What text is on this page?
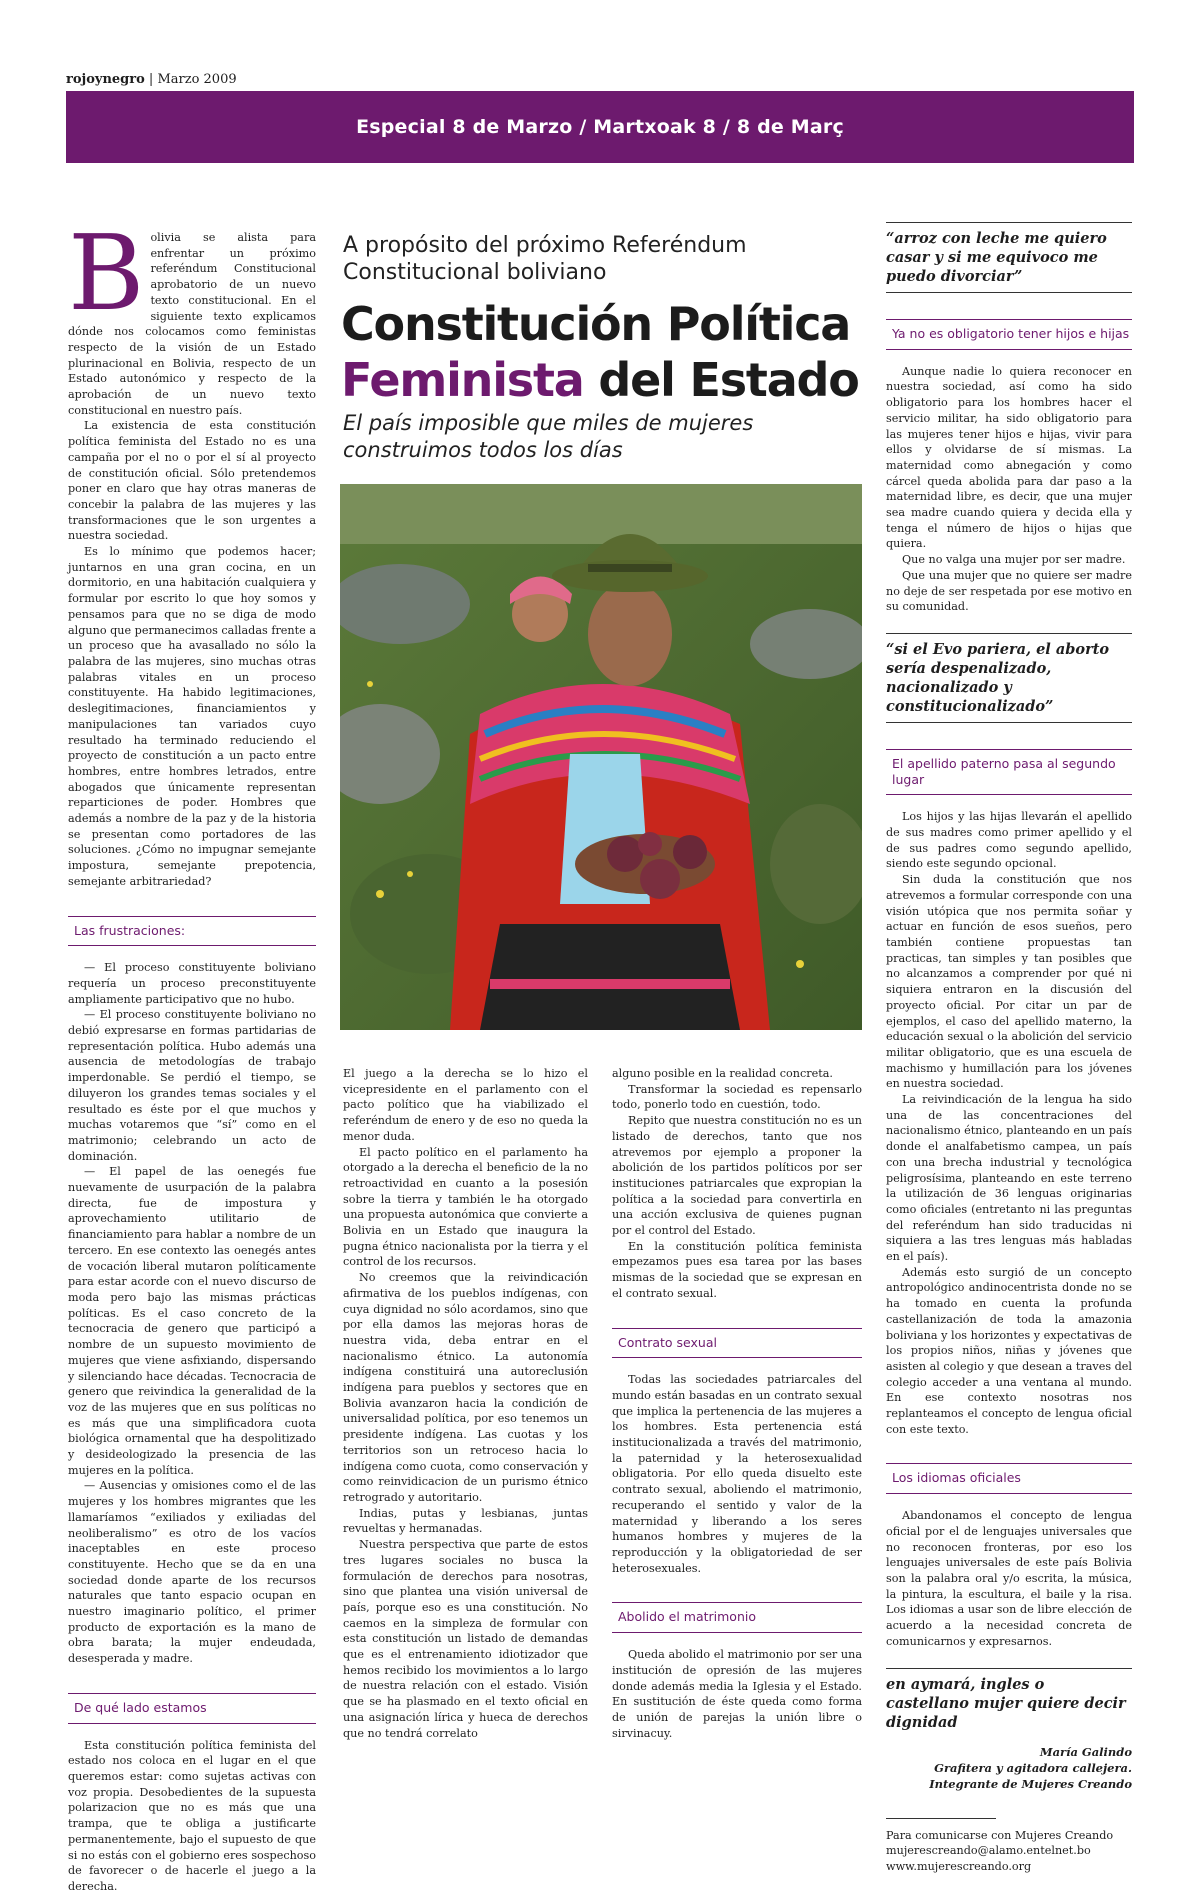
rojoynegro | Marzo 2009
Especial 8 de Marzo / Martxoak 8 / 8 de Març
B olivia se alista para enfrentar un próximo referéndum Constitucional aprobatorio de un nuevo texto constitucional. En el siguiente texto explicamos dónde nos colocamos como feministas respecto de la visión de un Estado plurinacional en Bolivia, respecto de un Estado autonómico y respecto de la aprobación de un nuevo texto constitucional en nuestro país.

La existencia de esta constitución política feminista del Estado no es una campaña por el no o por el sí al proyecto de constitución oficial. Sólo pretendemos poner en claro que hay otras maneras de concebir la palabra de las mujeres y las transformaciones que le son urgentes a nuestra sociedad.

Es lo mínimo que podemos hacer; juntarnos en una gran cocina, en un dormitorio, en una habitación cualquiera y formular por escrito lo que hoy somos y pensamos para que no se diga de modo alguno que permanecimos calladas frente a un proceso que ha avasallado no sólo la palabra de las mujeres, sino muchas otras palabras vitales en un proceso constituyente. Ha habido legitimaciones, deslegitimaciones, financiamientos y manipulaciones tan variados cuyo resultado ha terminado reduciendo el proyecto de constitución a un pacto entre hombres, entre hombres letrados, entre abogados que únicamente representan reparticiones de poder. Hombres que además a nombre de la paz y de la historia se presentan como portadores de las soluciones. ¿Cómo no impugnar semejante impostura, semejante prepotencia, semejante arbitrariedad?

Las frustraciones:

— El proceso constituyente boliviano requería un proceso preconstituyente ampliamente participativo que no hubo.

— El proceso constituyente boliviano no debió expresarse en formas partidarias de representación política. Hubo además una ausencia de metodologías de trabajo imperdonable. Se perdió el tiempo, se diluyeron los grandes temas sociales y el resultado es éste por el que muchos y muchas votaremos que “sí” como en el matrimonio; celebrando un acto de dominación.

— El papel de las oenegés fue nuevamente de usurpación de la palabra directa, fue de impostura y aprovechamiento utilitario de financiamiento para hablar a nombre de un tercero. En ese contexto las oenegés antes de vocación liberal mutaron políticamente para estar acorde con el nuevo discurso de moda pero bajo las mismas prácticas políticas. Es el caso concreto de la tecnocracia de genero que participó a nombre de un supuesto movimiento de mujeres que viene asfixiando, dispersando y silenciando hace décadas. Tecnocracia de genero que reivindica la generalidad de la voz de las mujeres que en sus políticas no es más que una simplificadora cuota biológica ornamental que ha despolitizado y desideologizado la presencia de las mujeres en la política.

— Ausencias y omisiones como el de las mujeres y los hombres migrantes que les llamaríamos “exiliados y exiliadas del neoliberalismo” es otro de los vacíos inaceptables en este proceso constituyente. Hecho que se da en una sociedad donde aparte de los recursos naturales que tanto espacio ocupan en nuestro imaginario político, el primer producto de exportación es la mano de obra barata; la mujer endeudada, desesperada y madre.

De qué lado estamos

Esta constitución política feminista del estado nos coloca en el lugar en el que queremos estar: como sujetas activas con voz propia. Desobedientes de la supuesta polarizacion que no es más que una trampa, que te obliga a justificarte permanentemente, bajo el supuesto de que si no estás con el gobierno eres sospechoso de favorecer o de hacerle el juego a la derecha.

A propósito del próximo Referéndum Constitucional boliviano
Constitución Política
Feminista del Estado
El país imposible que miles de mujeres construimos todos los días

El juego a la derecha se lo hizo el vicepresidente en el parlamento con el pacto político que ha viabilizado el referéndum de enero y de eso no queda la menor duda.

El pacto político en el parlamento ha otorgado a la derecha el beneficio de la no retroactividad en cuanto a la posesión sobre la tierra y también le ha otorgado una propuesta autonómica que convierte a Bolivia en un Estado que inaugura la pugna étnico nacionalista por la tierra y el control de los recursos.

No creemos que la reivindicación afirmativa de los pueblos indígenas, con cuya dignidad no sólo acordamos, sino que por ella damos las mejoras horas de nuestra vida, deba entrar en el nacionalismo étnico. La autonomía indígena constituirá una autoreclusión indígena para pueblos y sectores que en Bolivia avanzaron hacia la condición de universalidad política, por eso tenemos un presidente indígena. Las cuotas y los territorios son un retroceso hacia lo indígena como cuota, como conservación y como reinvidicacion de un purismo étnico retrogrado y autoritario.

Indias, putas y lesbianas, juntas revueltas y hermanadas.

Nuestra perspectiva que parte de estos tres lugares sociales no busca la formulación de derechos para nosotras, sino que plantea una visión universal de país, porque eso es una constitución. No caemos en la simpleza de formular con esta constitución un listado de demandas que es el entrenamiento idiotizador que hemos recibido los movimientos a lo largo de nuestra relación con el estado. Visión que se ha plasmado en el texto oficial en una asignación lírica y hueca de derechos que no tendrá correlato

alguno posible en la realidad concreta.

Transformar la sociedad es repensarlo todo, ponerlo todo en cuestión, todo.

Repito que nuestra constitución no es un listado de derechos, tanto que nos atrevemos por ejemplo a proponer la abolición de los partidos políticos por ser instituciones patriarcales que expropian la política a la sociedad para convertirla en una acción exclusiva de quienes pugnan por el control del Estado.

En la constitución política feminista empezamos pues esa tarea por las bases mismas de la sociedad que se expresan en el contrato sexual.

Contrato sexual

Todas las sociedades patriarcales del mundo están basadas en un contrato sexual que implica la pertenencia de las mujeres a los hombres. Esta pertenencia está institucionalizada a través del matrimonio, la paternidad y la heterosexualidad obligatoria. Por ello queda disuelto este contrato sexual, aboliendo el matrimonio, recuperando el sentido y valor de la maternidad y liberando a los seres humanos hombres y mujeres de la reproducción y la obligatoriedad de ser heterosexuales.

Abolido el matrimonio

Queda abolido el matrimonio por ser una institución de opresión de las mujeres donde además media la Iglesia y el Estado. En sustitución de éste queda como forma de unión de parejas la unión libre o sirvinacuy.

“arroz con leche me quiero casar y si me equivoco me puedo divorciar”
Ya no es obligatorio tener hijos e hijas

Aunque nadie lo quiera reconocer en nuestra sociedad, así como ha sido obligatorio para los hombres hacer el servicio militar, ha sido obligatorio para las mujeres tener hijos e hijas, vivir para ellos y olvidarse de sí mismas. La maternidad como abnegación y como cárcel queda abolida para dar paso a la maternidad libre, es decir, que una mujer sea madre cuando quiera y decida ella y tenga el número de hijos o hijas que quiera.

Que no valga una mujer por ser madre.

Que una mujer que no quiere ser madre no deje de ser respetada por ese motivo en su comunidad.

“si el Evo pariera, el aborto sería despenalizado, nacionalizado y constitucionalizado”
El apellido paterno pasa al segundo lugar

Los hijos y las hijas llevarán el apellido de sus madres como primer apellido y el de sus padres como segundo apellido, siendo este segundo opcional.

Sin duda la constitución que nos atrevemos a formular corresponde con una visión utópica que nos permita soñar y actuar en función de esos sueños, pero también contiene propuestas tan practicas, tan simples y tan posibles que no alcanzamos a comprender por qué ni siquiera entraron en la discusión del proyecto oficial. Por citar un par de ejemplos, el caso del apellido materno, la educación sexual o la abolición del servicio militar obligatorio, que es una escuela de machismo y humillación para los jóvenes en nuestra sociedad.

La reivindicación de la lengua ha sido una de las concentraciones del nacionalismo étnico, planteando en un país donde el analfabetismo campea, un país con una brecha industrial y tecnológica peligrosísima, planteando en este terreno la utilización de 36 lenguas originarias como oficiales (entretanto ni las preguntas del referéndum han sido traducidas ni siquiera a las tres lenguas más habladas en el país).

Además esto surgió de un concepto antropológico andinocentrista donde no se ha tomado en cuenta la profunda castellanización de toda la amazonia boliviana y los horizontes y expectativas de los propios niños, niñas y jóvenes que asisten al colegio y que desean a traves del colegio acceder a una ventana al mundo. En ese contexto nosotras nos replanteamos el concepto de lengua oficial con este texto.

Los idiomas oficiales

Abandonamos el concepto de lengua oficial por el de lenguajes universales que no reconocen fronteras, por eso los lenguajes universales de este país Bolivia son la palabra oral y/o escrita, la música, la pintura, la escultura, el baile y la risa. Los idiomas a usar son de libre elección de acuerdo a la necesidad concreta de comunicarnos y expresarnos.

en aymará, ingles o castellano mujer quiere decir dignidad
María Galindo
Grafitera y agitadora callejera. Integrante de Mujeres Creando
Para comunicarse con Mujeres Creando
mujerescreando@alamo.entelnet.bo
www.mujerescreando.org
